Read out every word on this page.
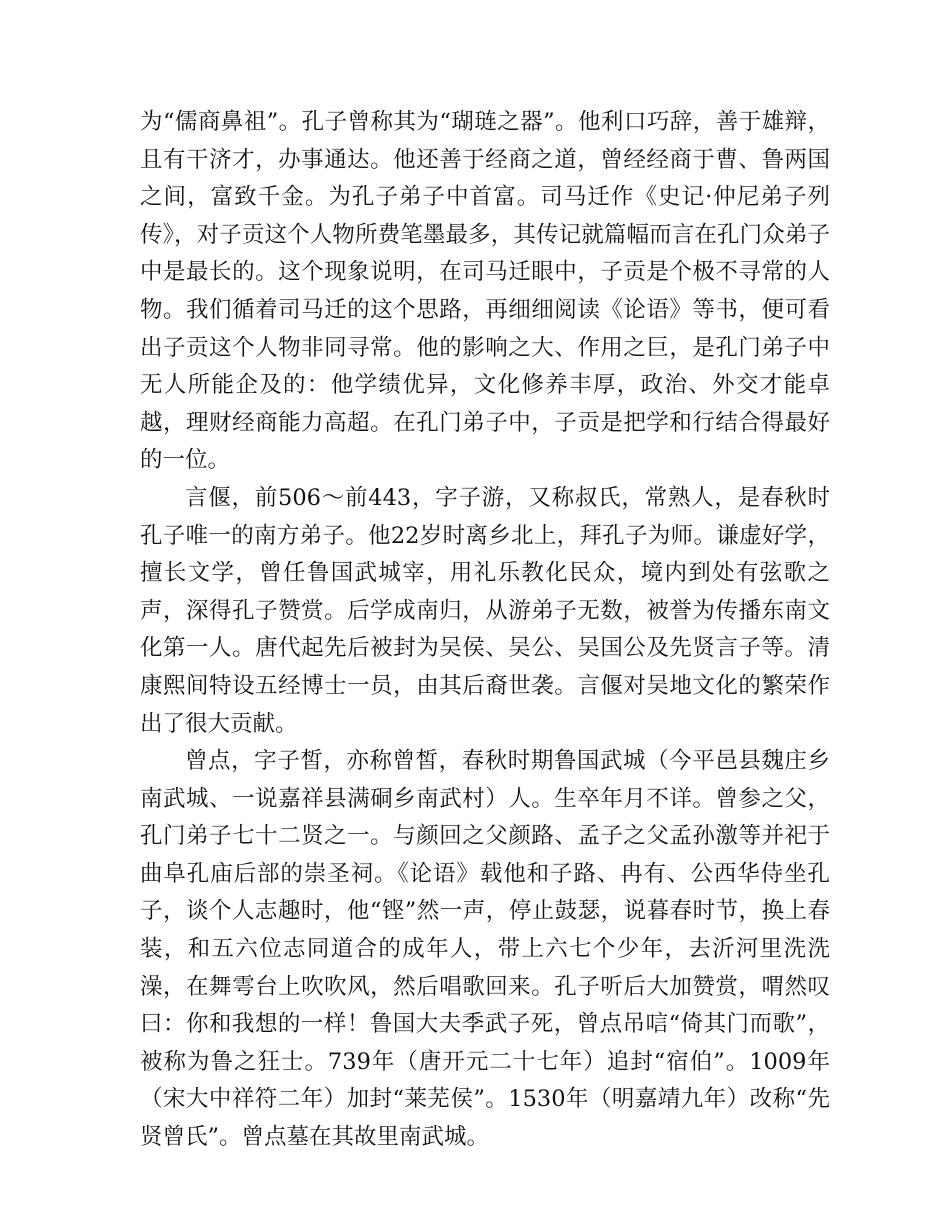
为“儒商鼻祖”。孔子曾称其为“瑚琏之器”。他利口巧辞，善于雄辩，且有干济才，办事通达。他还善于经商之道，曾经经商于曹、鲁两国之间，富致千金。为孔子弟子中首富。司马迁作《史记·仲尼弟子列传》，对子贡这个人物所费笔墨最多，其传记就篇幅而言在孔门众弟子中是最长的。这个现象说明，在司马迁眼中，子贡是个极不寻常的人物。我们循着司马迁的这个思路，再细细阅读《论语》等书，便可看出子贡这个人物非同寻常。他的影响之大、作用之巨，是孔门弟子中无人所能企及的：他学绩优异，文化修养丰厚，政治、外交才能卓越，理财经商能力高超。在孔门弟子中，子贡是把学和行结合得最好的一位。

言偃，前506～前443，字子游，又称叔氏，常熟人，是春秋时孔子唯一的南方弟子。他22岁时离乡北上，拜孔子为师。谦虚好学，擅长文学，曾任鲁国武城宰，用礼乐教化民众，境内到处有弦歌之声，深得孔子赞赏。后学成南归，从游弟子无数，被誉为传播东南文化第一人。唐代起先后被封为吴侯、吴公、吴国公及先贤言子等。清康熙间特设五经博士一员，由其后裔世袭。言偃对吴地文化的繁荣作出了很大贡献。

曾点，字子皙，亦称曾皙，春秋时期鲁国武城（今平邑县魏庄乡南武城、一说嘉祥县满硐乡南武村）人。生卒年月不详。曾参之父，孔门弟子七十二贤之一。与颜回之父颜路、孟子之父孟孙激等并祀于曲阜孔庙后部的崇圣祠。《论语》载他和子路、冉有、公西华侍坐孔子，谈个人志趣时，他“铿”然一声，停止鼓瑟，说暮春时节，换上春装，和五六位志同道合的成年人，带上六七个少年，去沂河里洗洗澡，在舞雩台上吹吹风，然后唱歌回来。孔子听后大加赞赏，喟然叹曰：你和我想的一样！鲁国大夫季武子死，曾点吊唁“倚其门而歌”，被称为鲁之狂士。739年（唐开元二十七年）追封“宿伯”。1009年（宋大中祥符二年）加封“莱芜侯”。1530年（明嘉靖九年）改称“先贤曾氏”。曾点墓在其故里南武城。
